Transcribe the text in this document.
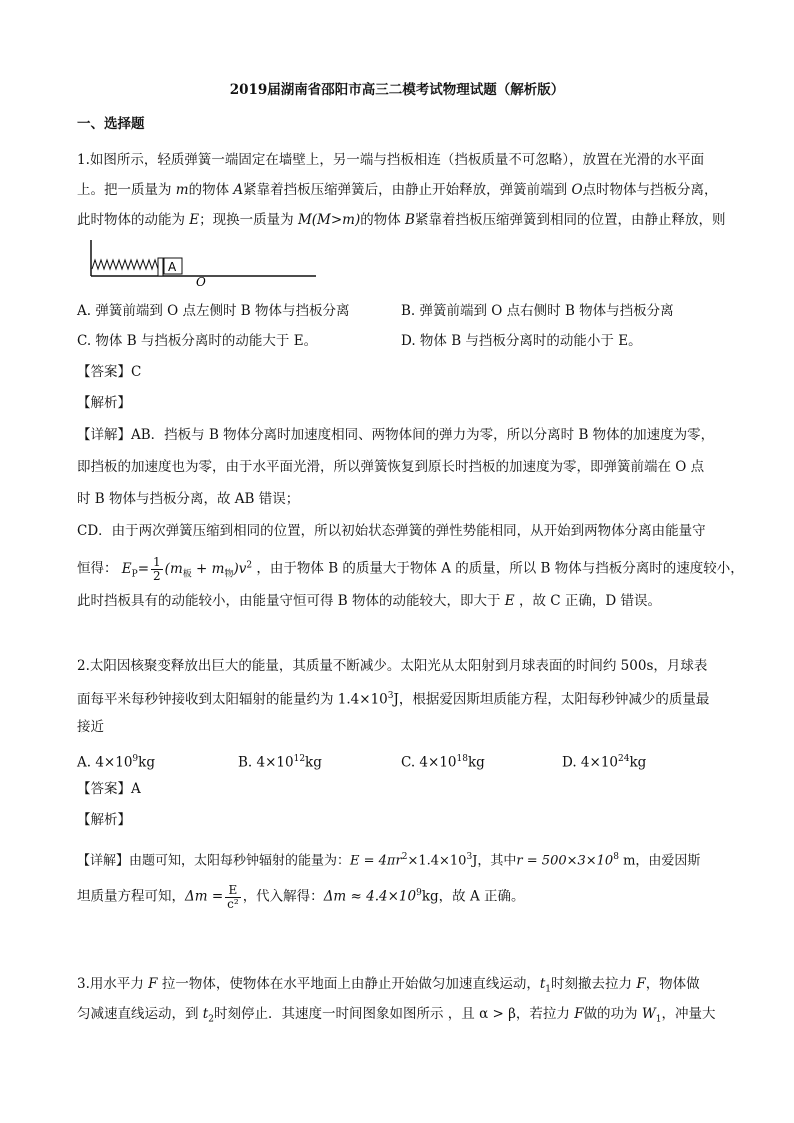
2019届湖南省邵阳市高三二模考试物理试题（解析版）
一、选择题
1.如图所示，轻质弹簧一端固定在墙壁上，另一端与挡板相连（挡板质量不可忽略），放置在光滑的水平面
上。把一质量为 m的物体 A紧靠着挡板压缩弹簧后，由静止开始释放，弹簧前端到 O点时物体与挡板分离，
此时物体的动能为 E；现换一质量为 M(M>m)的物体 B紧靠着挡板压缩弹簧到相同的位置，由静止释放，则
A
O
A. 弹簧前端到 O 点左侧时 B 物体与挡板分离	B. 弹簧前端到 O 点右侧时 B 物体与挡板分离
C. 物体 B 与挡板分离时的动能大于 E。	D. 物体 B 与挡板分离时的动能小于 E。
【答案】C
【解析】
【详解】AB．挡板与 B 物体分离时加速度相同、两物体间的弹力为零，所以分离时 B 物体的加速度为零，
即挡板的加速度也为零，由于水平面光滑，所以弹簧恢复到原长时挡板的加速度为零，即弹簧前端在 O 点
时 B 物体与挡板分离，故 AB 错误；
CD．由于两次弹簧压缩到相同的位置，所以初始状态弹簧的弹性势能相同，从开始到两物体分离由能量守
恒得： $E_P= \frac{1}{2} (m_板 + m_物)v^2$ ，由于物体 B 的质量大于物体 A 的质量，所以 B 物体与挡板分离时的速度较小，
此时挡板具有的动能较小，由能量守恒可得 B 物体的动能较大，即大于 E ，故 C 正确，D 错误。
2.太阳因核聚变释放出巨大的能量，其质量不断减少。太阳光从太阳射到月球表面的时间约 500s，月球表
面每平米每秒钟接收到太阳辐射的能量约为 $1.4\times 10^3J$，根据爱因斯坦质能方程，太阳每秒钟减少的质量最
接近
A. $4\times 10^9kg$	B. $4\times 10^{12}kg$	C. $4\times 10^{18}kg$	D. $4\times 10^{24}kg$
【答案】A
【解析】
【详解】由题可知，太阳每秒钟辐射的能量为：$E = 4\pi r^2\times 1.4\times 10^3J$，其中$r = 500\times 3\times 10^8$ m，由爱因斯
坦质量方程可知，$\Delta m = \frac{E}{\text{c²}}$ ，代入解得：$\Delta m \approx 4.4\times 10^9kg$，故 A 正确。
3.用水平力 F 拉一物体，使物体在水平地面上由静止开始做匀加速直线运动，$t_1$时刻撤去拉力 F，物体做
匀减速直线运动，到 $t_2$时刻停止．其速度一时间图象如图所示 ，且 α > β，若拉力 F做的功为 $W_1$，冲量大
